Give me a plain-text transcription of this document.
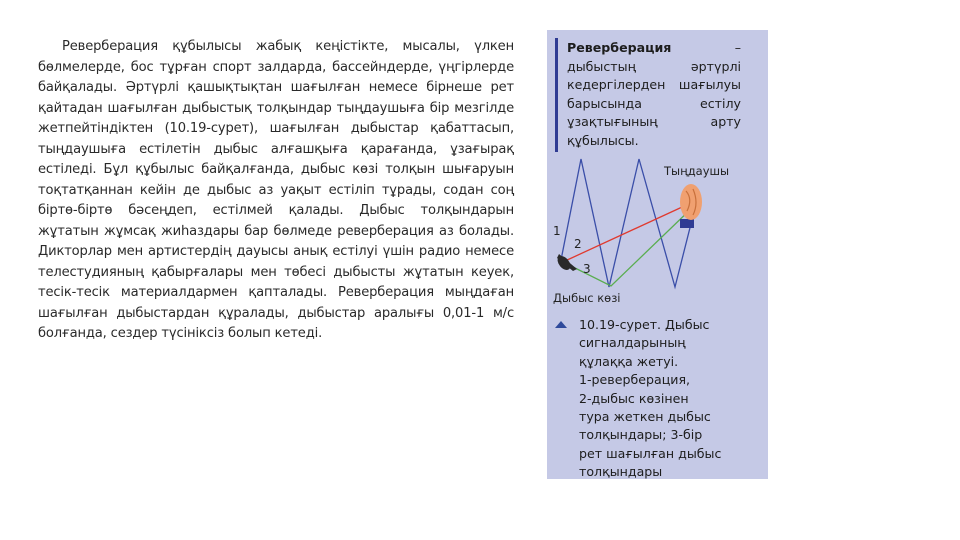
Реверберация құбылысы жабық кеңістікте, мысалы, үлкен бөлмелерде, бос тұрған спорт залдарда, бассейндерде, үңгірлерде байқалады. Әртүрлі қашықтықтан шағылған немесе бірнеше рет қайтадан шағылған дыбыстық толқындар тыңдаушыға бір мезгілде жетпейтіндіктен (10.19-сурет), шағылған дыбыстар қабаттасып, тыңдаушыға естілетін дыбыс алғашқыға қарағанда, ұзағырақ естіледі. Бұл құбылыс байқалғанда, дыбыс көзі толқын шығаруын тоқтатқаннан кейін де дыбыс аз уақыт естіліп тұрады, содан соң біртө-біртө бәсеңдеп, естілмей қалады. Дыбыс толқындарын жұтатын жұмсақ жиһаздары бар бөлмеде реверберация аз болады. Дикторлар мен артистердің дауысы анық естілуі үшін радио немесе телестудияның қабырғалары мен төбесі дыбысты жұтатын кеуек, тесік-тесік материалдармен қапталады. Реверберация мыңдаған шағылған дыбыстардан құралады, дыбыстар аралығы 0,01-1 м/с болғанда, сездер түсініксіз болып кетеді.

Реверберация – дыбыстың әртүрлі кедергілерден шағылуы барысында естілу ұзақтығының арту құбылысы.
Тыңдаушы
1
2
3
Дыбыс көзі
10.19-сурет. Дыбыс
сигналдарының
құлаққа жетуі.
1-реверберация,
2-дыбыс көзінен
тура жеткен дыбыс
толқындары; 3-бір
рет шағылған дыбыс
толқындары
